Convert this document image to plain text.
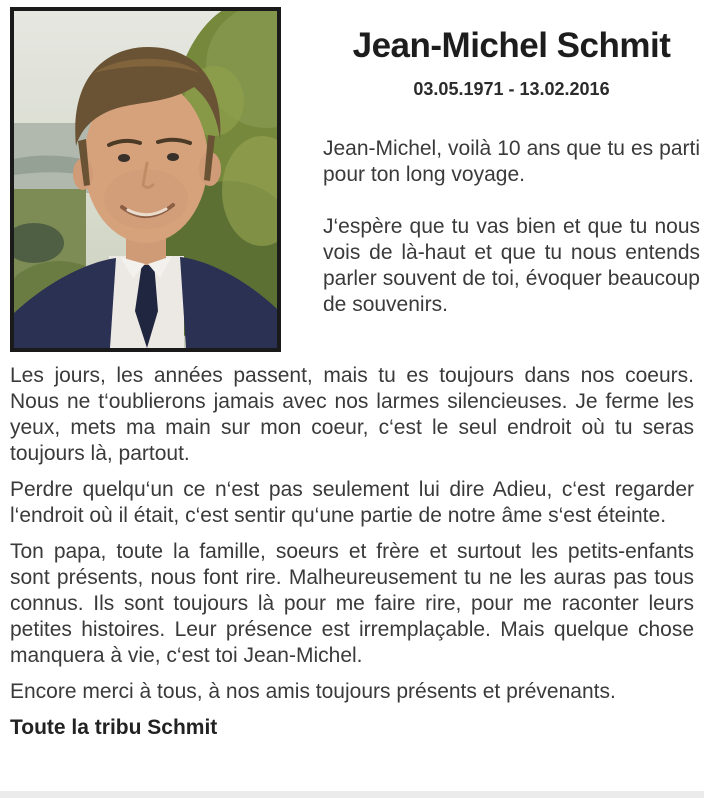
Jean-Michel Schmit
03.05.1971 - 13.02.2016

Jean-Michel, voilà 10 ans que tu es parti pour ton long voyage.

J‘espère que tu vas bien et que tu nous vois de là-haut et que tu nous entends parler souvent de toi, évoquer beaucoup de souvenirs.

Les jours, les années passent, mais tu es toujours dans nos coeurs. Nous ne t‘oublierons jamais avec nos larmes silencieuses. Je ferme les yeux, mets ma main sur mon coeur, c‘est le seul endroit où tu seras toujours là, partout.

Perdre quelqu‘un ce n‘est pas seulement lui dire Adieu, c‘est regarder l‘endroit où il était, c‘est sentir qu‘une partie de notre âme s‘est éteinte.

Ton papa, toute la famille, soeurs et frère et surtout les petits-enfants sont présents, nous font rire. Malheureusement tu ne les auras pas tous connus. Ils sont toujours là pour me faire rire, pour me raconter leurs petites histoires. Leur présence est irremplaçable. Mais quelque chose manquera à vie, c‘est toi Jean-Michel.

Encore merci à tous, à nos amis toujours présents et prévenants.

Toute la tribu Schmit
